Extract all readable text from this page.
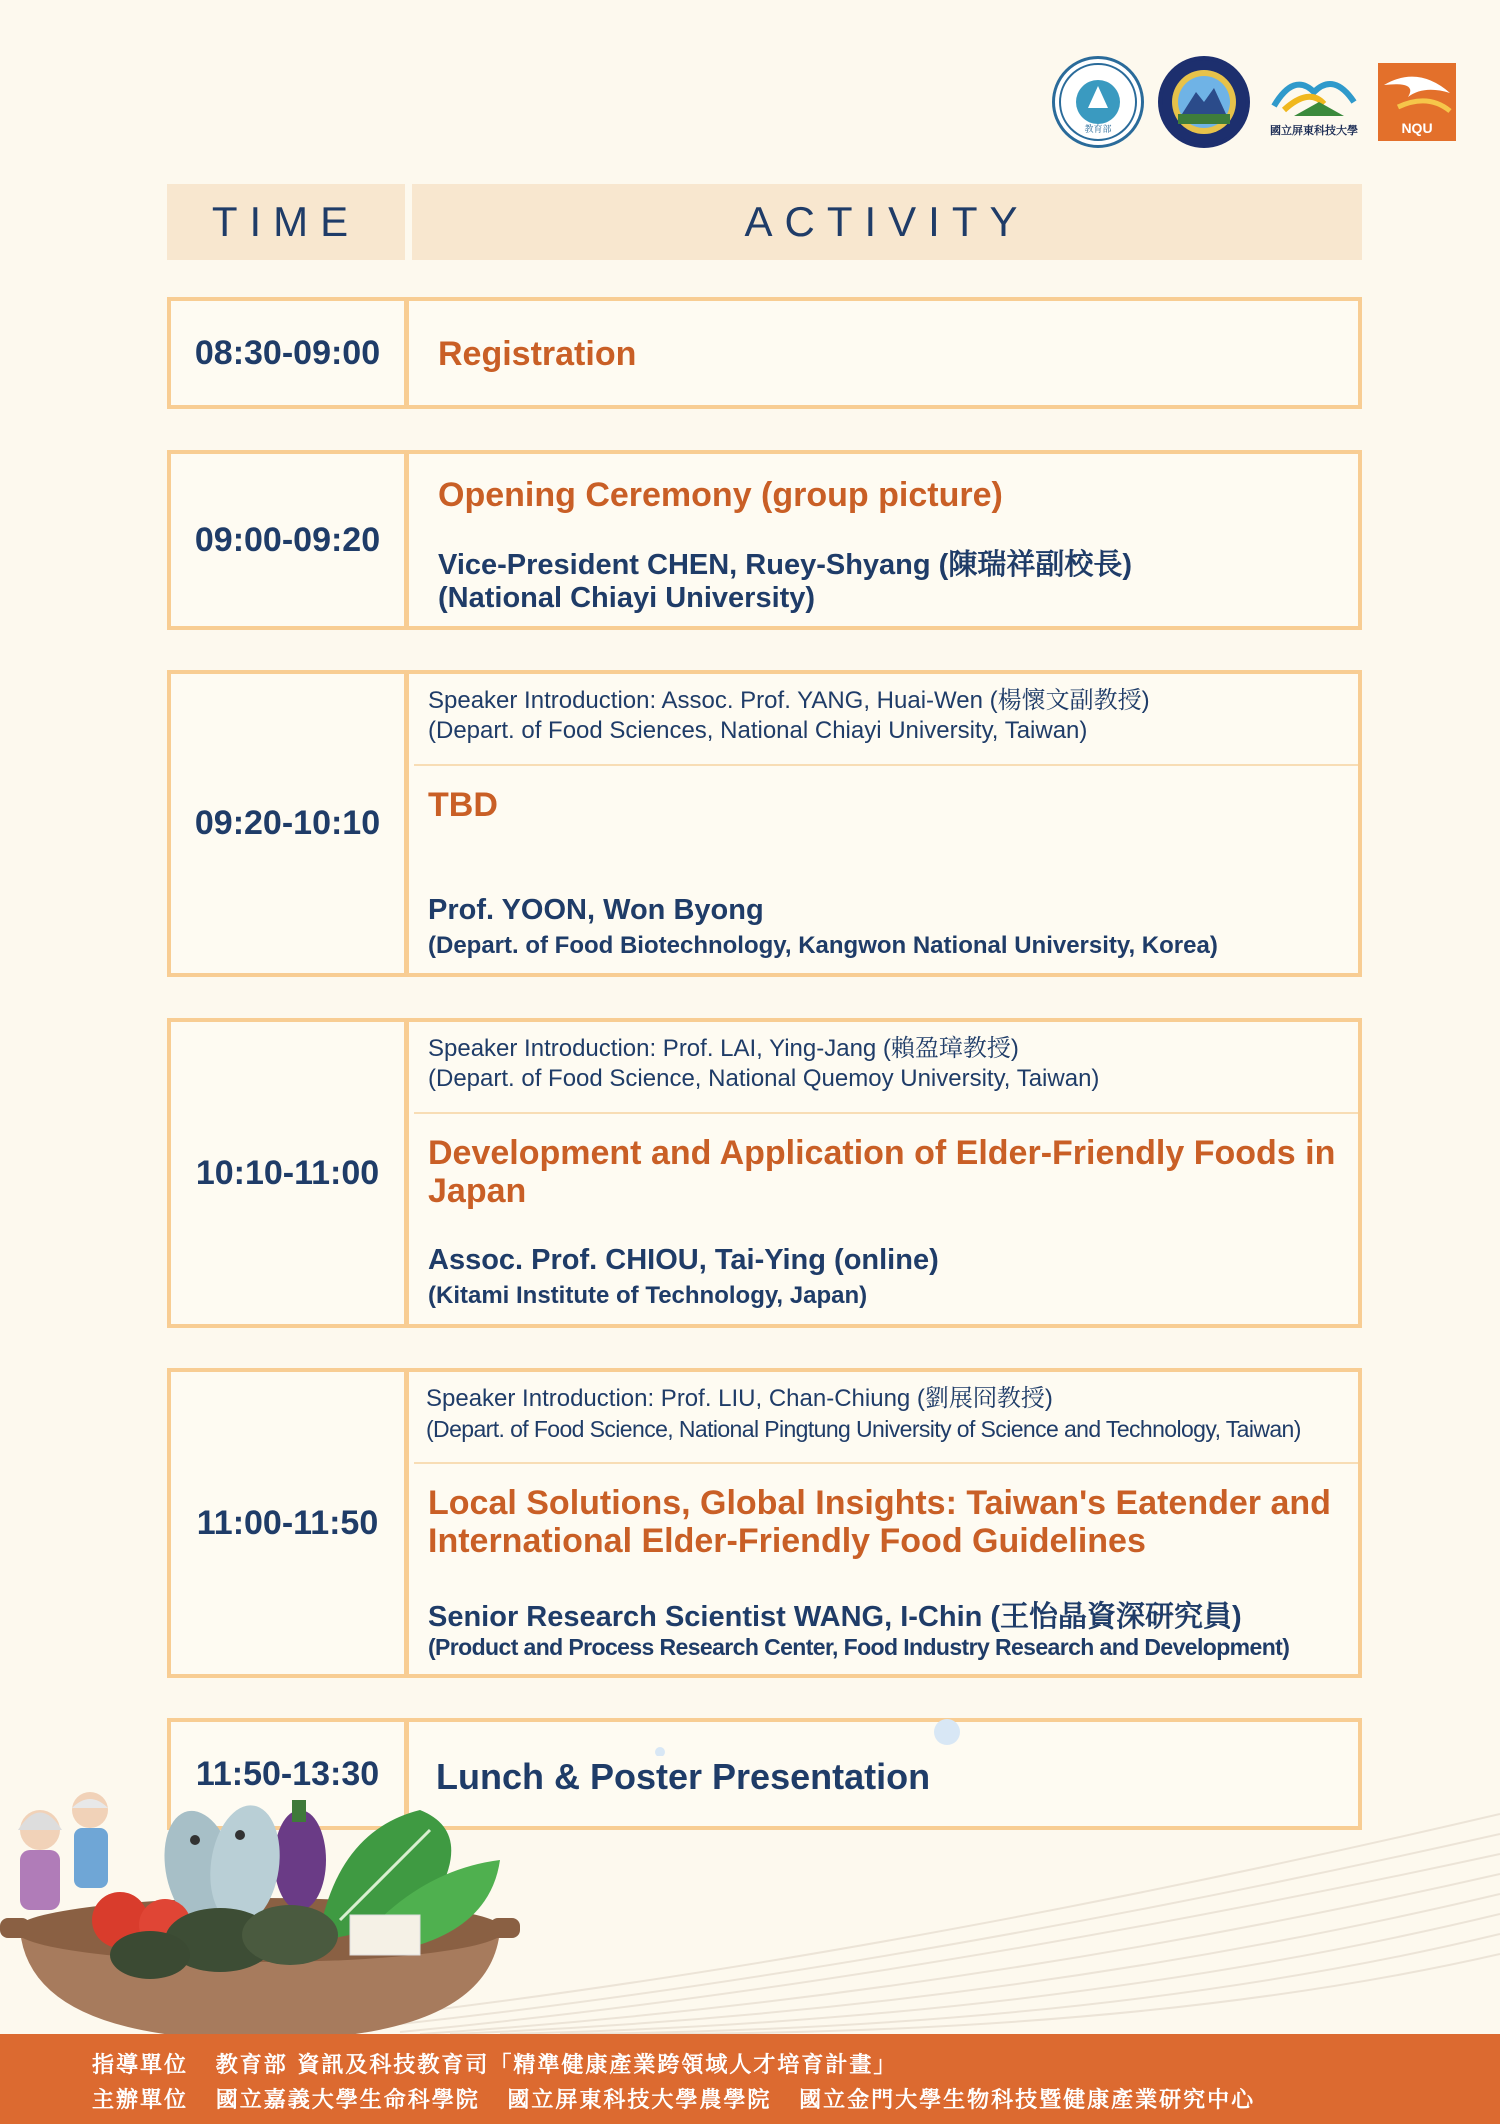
教育部	國立屏東科技大學	NQU
TIME	ACTIVITY
08:30-09:00	Registration
09:00-09:20
Opening Ceremony (group picture)
Vice-President CHEN, Ruey-Shyang (陳瑞祥副校長)
(National Chiayi University)
09:20-10:10
Speaker Introduction: Assoc. Prof. YANG, Huai-Wen (楊懷文副教授)
(Depart. of Food Sciences, National Chiayi University, Taiwan)
TBD
Prof. YOON, Won Byong
(Depart. of Food Biotechnology, Kangwon National University, Korea)
10:10-11:00
Speaker Introduction: Prof. LAI, Ying-Jang (賴盈璋教授)
(Depart. of Food Science, National Quemoy University, Taiwan)
Development and Application of Elder-Friendly Foods in
Japan
Assoc. Prof. CHIOU, Tai-Ying (online)
(Kitami Institute of Technology, Japan)
11:00-11:50
Speaker Introduction: Prof. LIU, Chan-Chiung (劉展冏教授)
(Depart. of Food Science, National Pingtung University of Science and Technology, Taiwan)
Local Solutions, Global Insights: Taiwan's Eatender and
International Elder-Friendly Food Guidelines
Senior Research Scientist WANG, I-Chin (王怡晶資深研究員)
(Product and Process Research Center, Food Industry Research and Development)
11:50-13:30	Lunch & Poster Presentation
指導單位 教育部 資訊及科技教育司「精準健康產業跨領域人才培育計畫」
主辦單位 國立嘉義大學生命科學院 國立屏東科技大學農學院 國立金門大學生物科技暨健康產業研究中心
